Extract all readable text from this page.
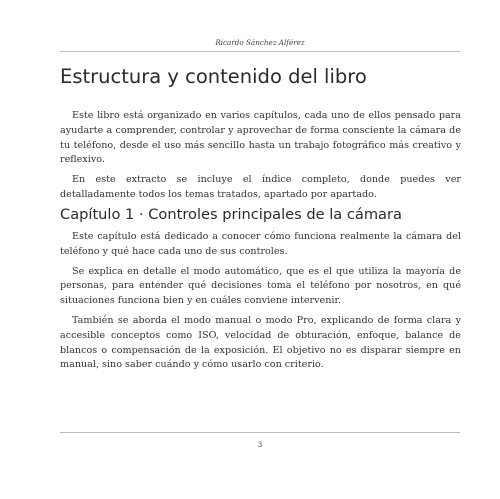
Ricardo Sánchez Alférez
Estructura y contenido del libro

Este libro está organizado en varios capítulos, cada uno de ellos pensado para ayudarte a comprender, controlar y aprovechar de forma consciente la cámara de tu teléfono, desde el uso más sencillo hasta un trabajo fotográfico más creativo y reflexivo.

En este extracto se incluye el índice completo, donde puedes ver detalladamente todos los temas tratados, apartado por apartado.

Capítulo 1 · Controles principales de la cámara

Este capítulo está dedicado a conocer cómo funciona realmente la cámara del teléfono y qué hace cada uno de sus controles.

Se explica en detalle el modo automático, que es el que utiliza la mayoría de personas, para entender qué decisiones toma el teléfono por nosotros, en qué situaciones funciona bien y en cuáles conviene intervenir.

También se aborda el modo manual o modo Pro, explicando de forma clara y accesible conceptos como ISO, velocidad de obturación, enfoque, balance de blancos o compensación de la exposición. El objetivo no es disparar siempre en manual, sino saber cuándo y cómo usarlo con criterio.

3
